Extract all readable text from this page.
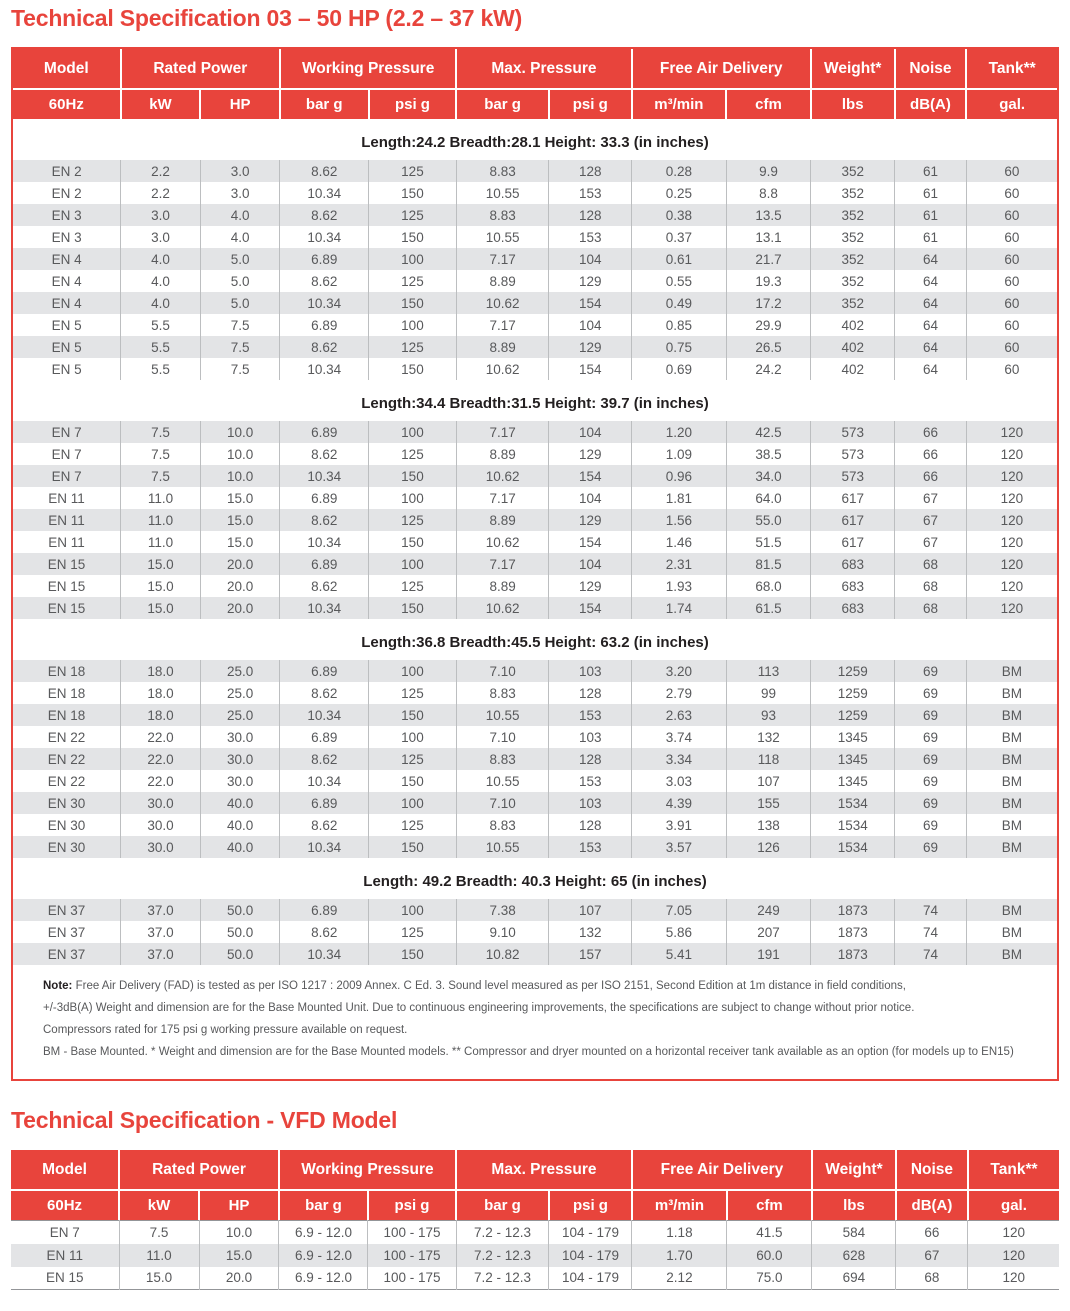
Technical Specification 03 – 50 HP (2.2 – 37 kW)
Model	Rated Power		Working Pressure		Max. Pressure		Free Air Delivery		Weight*	Noise	Tank**
60Hz	kW	HP	bar g	psi g	bar g	psi g	m³/min	cfm	lbs	dB(A)	gal.
Length:24.2 Breadth:28.1 Height: 33.3 (in inches)
EN 2	2.2	3.0	8.62	125	8.83	128	0.28	9.9	352	61	60
EN 2	2.2	3.0	10.34	150	10.55	153	0.25	8.8	352	61	60
EN 3	3.0	4.0	8.62	125	8.83	128	0.38	13.5	352	61	60
EN 3	3.0	4.0	10.34	150	10.55	153	0.37	13.1	352	61	60
EN 4	4.0	5.0	6.89	100	7.17	104	0.61	21.7	352	64	60
EN 4	4.0	5.0	8.62	125	8.89	129	0.55	19.3	352	64	60
EN 4	4.0	5.0	10.34	150	10.62	154	0.49	17.2	352	64	60
EN 5	5.5	7.5	6.89	100	7.17	104	0.85	29.9	402	64	60
EN 5	5.5	7.5	8.62	125	8.89	129	0.75	26.5	402	64	60
EN 5	5.5	7.5	10.34	150	10.62	154	0.69	24.2	402	64	60
Length:34.4 Breadth:31.5 Height: 39.7 (in inches)
EN 7	7.5	10.0	6.89	100	7.17	104	1.20	42.5	573	66	120
EN 7	7.5	10.0	8.62	125	8.89	129	1.09	38.5	573	66	120
EN 7	7.5	10.0	10.34	150	10.62	154	0.96	34.0	573	66	120
EN 11	11.0	15.0	6.89	100	7.17	104	1.81	64.0	617	67	120
EN 11	11.0	15.0	8.62	125	8.89	129	1.56	55.0	617	67	120
EN 11	11.0	15.0	10.34	150	10.62	154	1.46	51.5	617	67	120
EN 15	15.0	20.0	6.89	100	7.17	104	2.31	81.5	683	68	120
EN 15	15.0	20.0	8.62	125	8.89	129	1.93	68.0	683	68	120
EN 15	15.0	20.0	10.34	150	10.62	154	1.74	61.5	683	68	120
Length:36.8 Breadth:45.5 Height: 63.2 (in inches)
EN 18	18.0	25.0	6.89	100	7.10	103	3.20	113	1259	69	BM
EN 18	18.0	25.0	8.62	125	8.83	128	2.79	99	1259	69	BM
EN 18	18.0	25.0	10.34	150	10.55	153	2.63	93	1259	69	BM
EN 22	22.0	30.0	6.89	100	7.10	103	3.74	132	1345	69	BM
EN 22	22.0	30.0	8.62	125	8.83	128	3.34	118	1345	69	BM
EN 22	22.0	30.0	10.34	150	10.55	153	3.03	107	1345	69	BM
EN 30	30.0	40.0	6.89	100	7.10	103	4.39	155	1534	69	BM
EN 30	30.0	40.0	8.62	125	8.83	128	3.91	138	1534	69	BM
EN 30	30.0	40.0	10.34	150	10.55	153	3.57	126	1534	69	BM
Length: 49.2 Breadth: 40.3 Height: 65 (in inches)
EN 37	37.0	50.0	6.89	100	7.38	107	7.05	249	1873	74	BM
EN 37	37.0	50.0	8.62	125	9.10	132	5.86	207	1873	74	BM
EN 37	37.0	50.0	10.34	150	10.82	157	5.41	191	1873	74	BM

Note: Free Air Delivery (FAD) is tested as per ISO 1217 : 2009 Annex. C Ed. 3. Sound level measured as per ISO 2151, Second Edition at 1m distance in field conditions,

+/-3dB(A) Weight and dimension are for the Base Mounted Unit. Due to continuous engineering improvements, the specifications are subject to change without prior notice.

Compressors rated for 175 psi g working pressure available on request.

BM - Base Mounted. * Weight and dimension are for the Base Mounted models. ** Compressor and dryer mounted on a horizontal receiver tank available as an option (for models up to EN15)

Technical Specification - VFD Model
Model	Rated Power		Working Pressure		Max. Pressure		Free Air Delivery		Weight*	Noise	Tank**
60Hz	kW	HP	bar g	psi g	bar g	psi g	m³/min	cfm	lbs	dB(A)	gal.
EN 7	7.5	10.0	6.9 - 12.0	100 - 175	7.2 - 12.3	104 - 179	1.18	41.5	584	66	120
EN 11	11.0	15.0	6.9 - 12.0	100 - 175	7.2 - 12.3	104 - 179	1.70	60.0	628	67	120
EN 15	15.0	20.0	6.9 - 12.0	100 - 175	7.2 - 12.3	104 - 179	2.12	75.0	694	68	120
